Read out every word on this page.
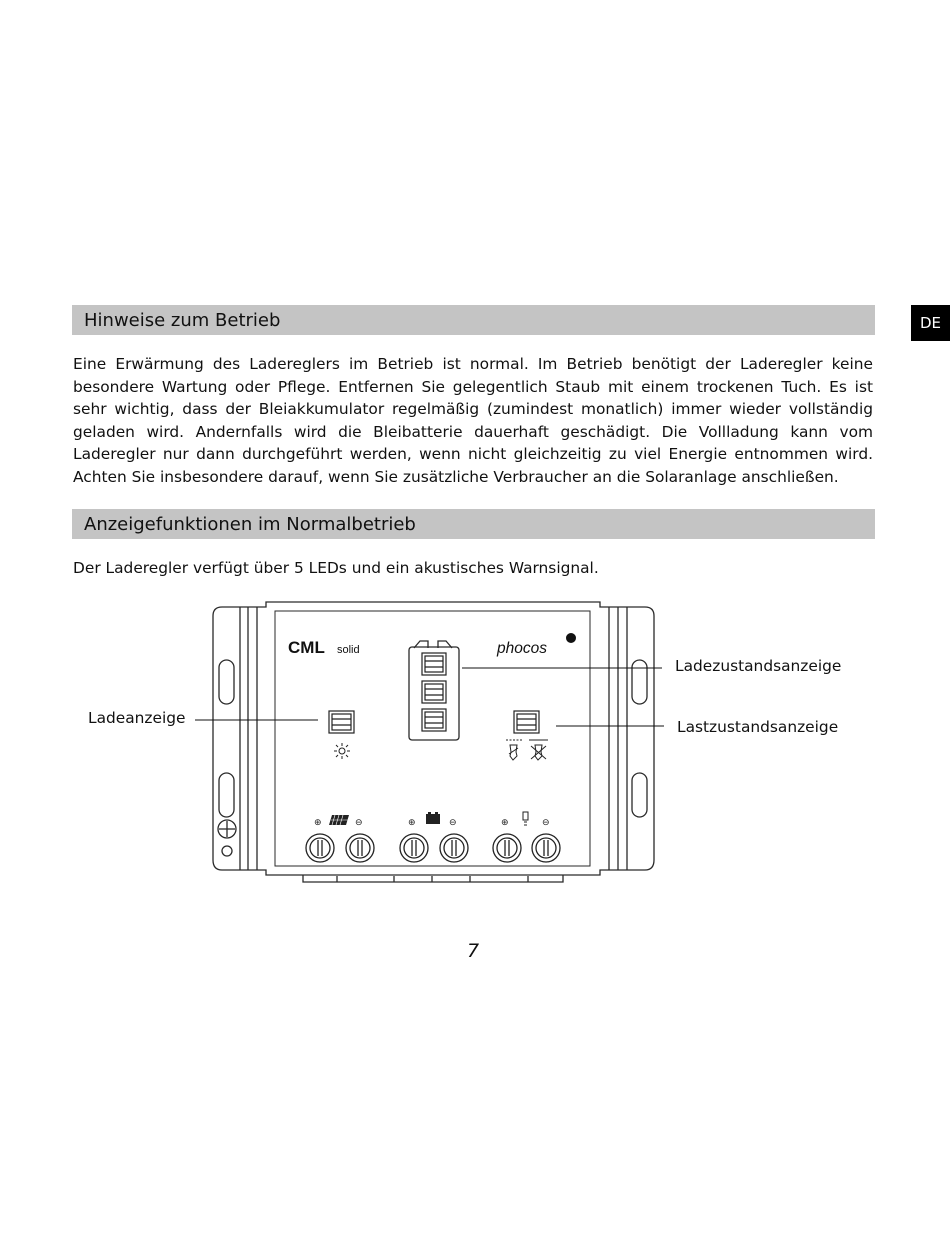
DE
Hinweise zum Betrieb
Eine Erwärmung des Ladereglers im Betrieb ist normal. Im Betrieb benötigt der Laderegler keine
besondere Wartung oder Pflege. Entfernen Sie gelegentlich Staub mit einem trockenen Tuch. Es ist
sehr wichtig, dass der Bleiakkumulator regelmäßig (zumindest monatlich) immer wieder vollständig
geladen wird. Andernfalls wird die Bleibatterie dauerhaft geschädigt. Die Vollladung kann vom
Laderegler nur dann durchgeführt werden, wenn nicht gleichzeitig zu viel Energie entnommen wird.
Achten Sie insbesondere darauf, wenn Sie zusätzliche Verbraucher an die Solaranlage anschließen.
Anzeigefunktionen im Normalbetrieb
Der Laderegler verfügt über 5 LEDs und ein akustisches Warnsignal.
CML solid	phocos
⊕	⊖	⊕	⊖	⊕	⊖
Ladeanzeige
Ladezustandsanzeige
Lastzustandsanzeige
7
